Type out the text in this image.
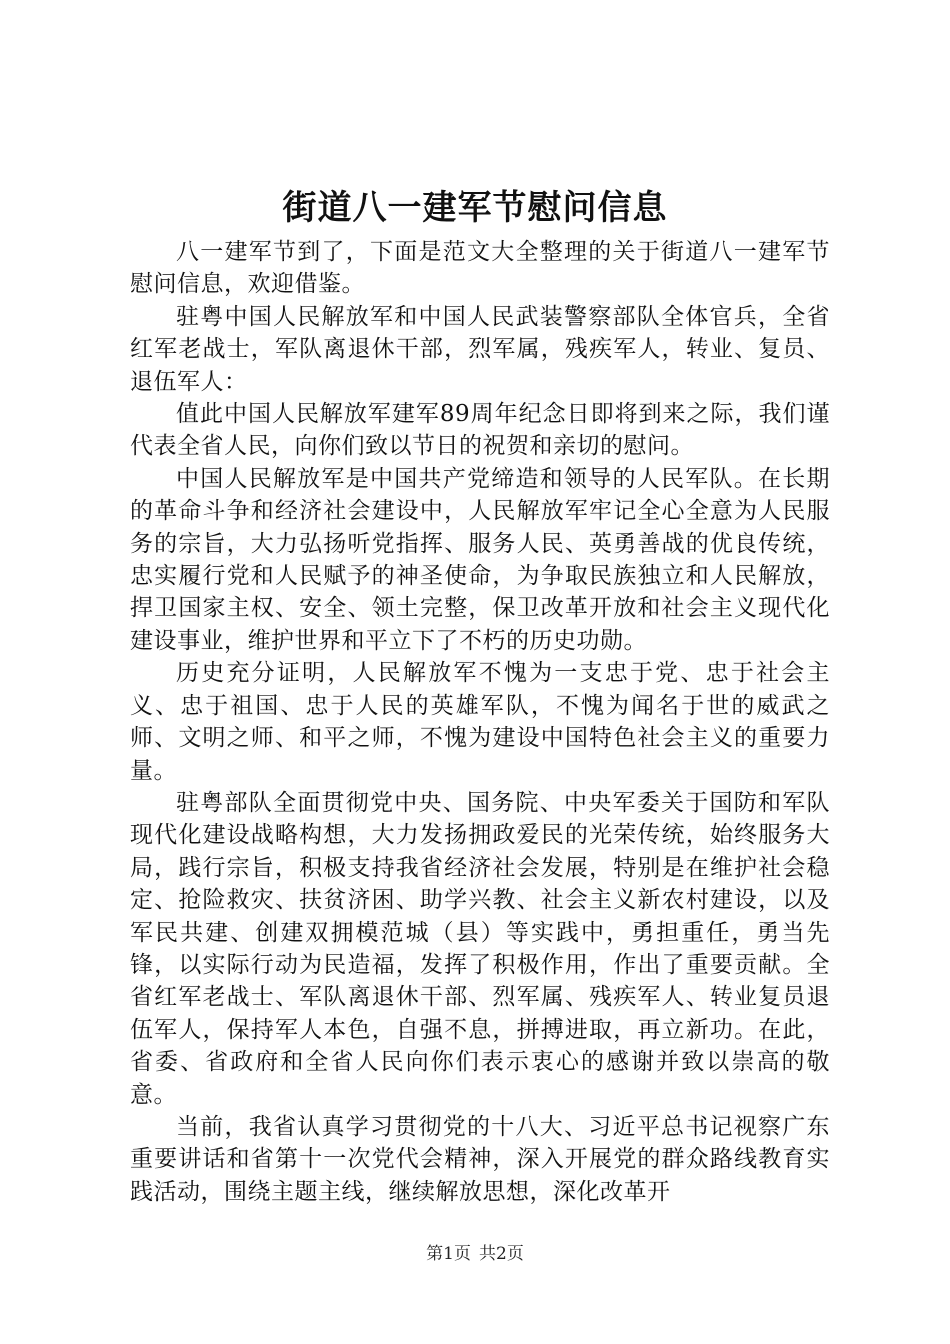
街道八一建军节慰问信息

八一建军节到了，下面是范文大全整理的关于街道八一建军节慰问信息，欢迎借鉴。

驻粤中国人民解放军和中国人民武装警察部队全体官兵，全省红军老战士，军队离退休干部，烈军属，残疾军人，转业、复员、退伍军人：

值此中国人民解放军建军89周年纪念日即将到来之际，我们谨代表全省人民，向你们致以节日的祝贺和亲切的慰问。

中国人民解放军是中国共产党缔造和领导的人民军队。在长期的革命斗争和经济社会建设中，人民解放军牢记全心全意为人民服务的宗旨，大力弘扬听党指挥、服务人民、英勇善战的优良传统，忠实履行党和人民赋予的神圣使命，为争取民族独立和人民解放，捍卫国家主权、安全、领土完整，保卫改革开放和社会主义现代化建设事业，维护世界和平立下了不朽的历史功勋。

历史充分证明，人民解放军不愧为一支忠于党、忠于社会主义、忠于祖国、忠于人民的英雄军队，不愧为闻名于世的威武之师、文明之师、和平之师，不愧为建设中国特色社会主义的重要力量。

驻粤部队全面贯彻党中央、国务院、中央军委关于国防和军队现代化建设战略构想，大力发扬拥政爱民的光荣传统，始终服务大局，践行宗旨，积极支持我省经济社会发展，特别是在维护社会稳定、抢险救灾、扶贫济困、助学兴教、社会主义新农村建设，以及军民共建、创建双拥模范城（县）等实践中，勇担重任，勇当先锋，以实际行动为民造福，发挥了积极作用，作出了重要贡献。全省红军老战士、军队离退休干部、烈军属、残疾军人、转业复员退伍军人，保持军人本色，自强不息，拼搏进取，再立新功。在此，省委、省政府和全省人民向你们表示衷心的感谢并致以崇高的敬意。

当前，我省认真学习贯彻党的十八大、习近平总书记视察广东重要讲话和省第十一次党代会精神，深入开展党的群众路线教育实践活动，围绕主题主线，继续解放思想，深化改革开

第1页 共2页
